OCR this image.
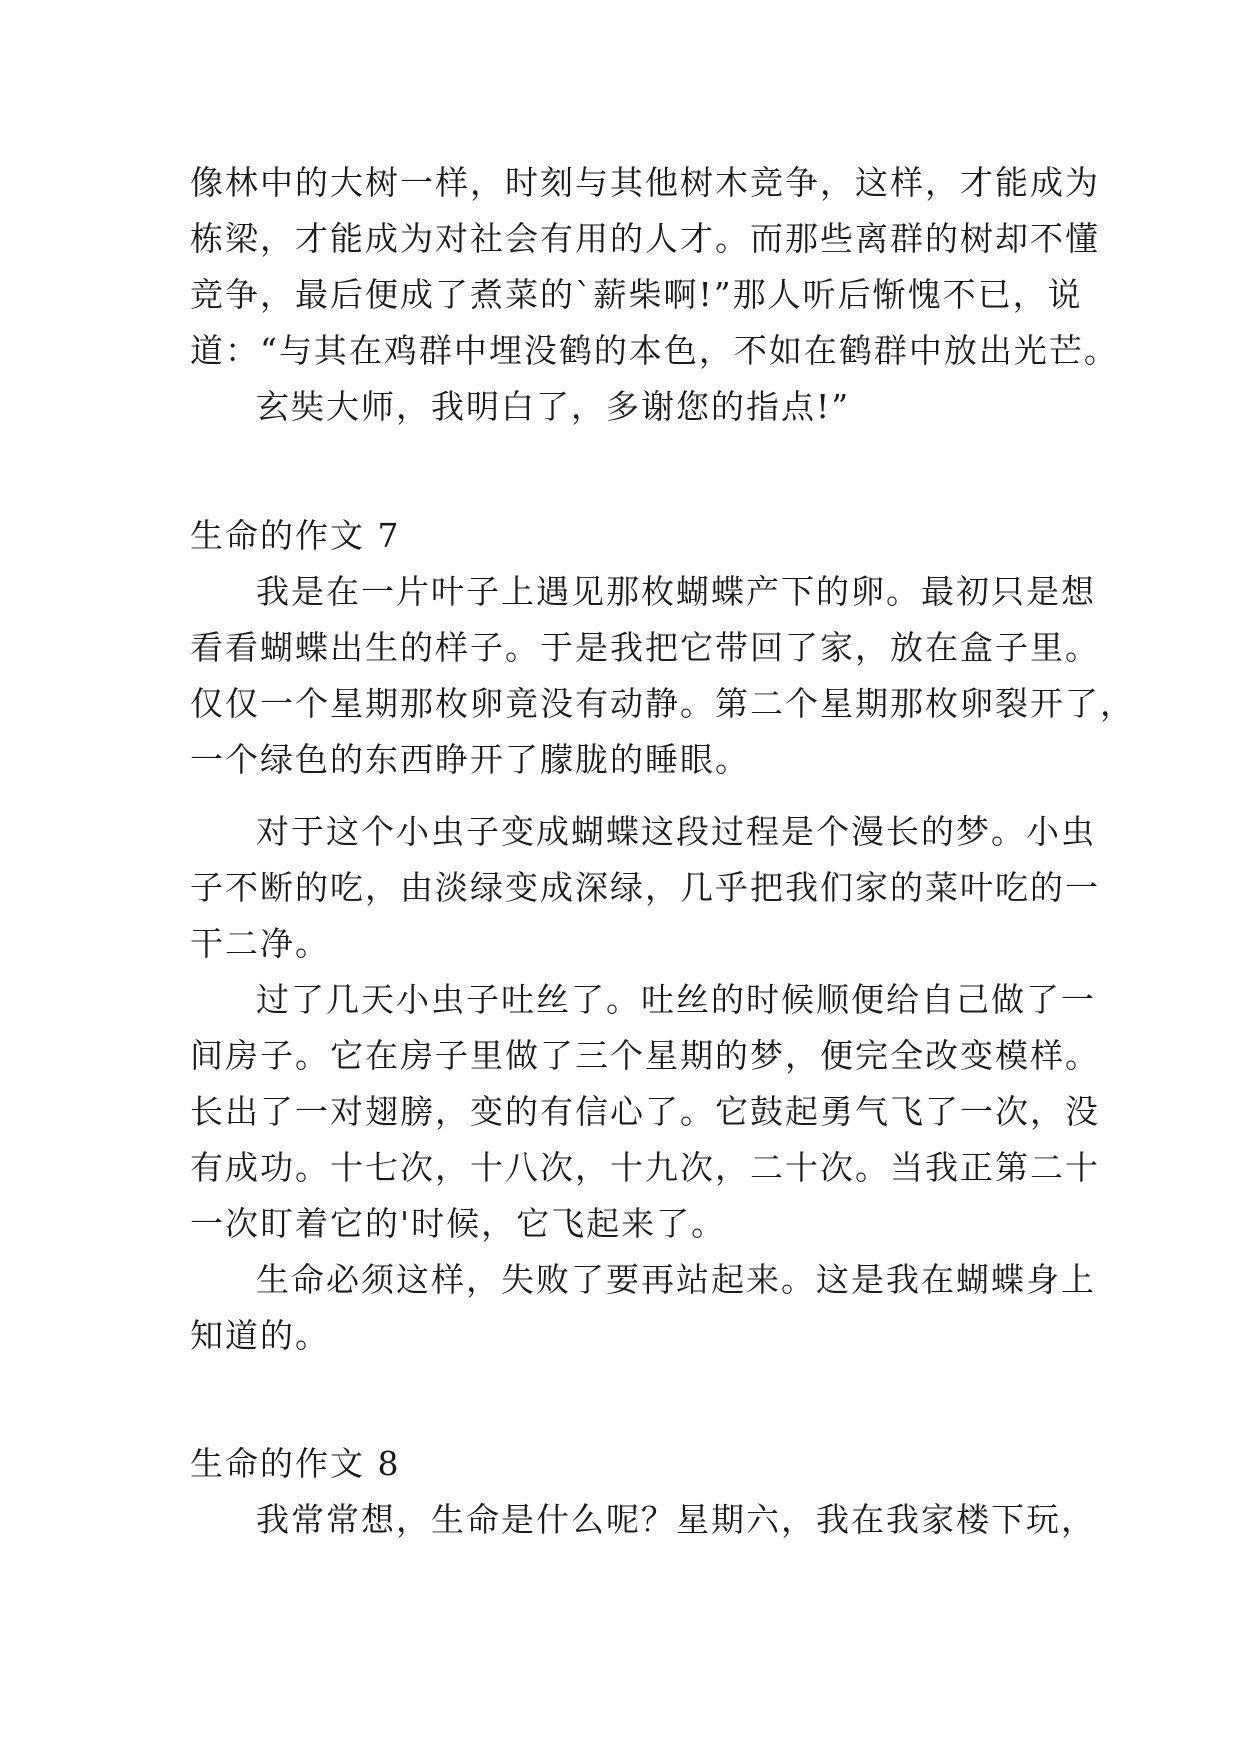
像林中的大树一样，时刻与其他树木竞争，这样，才能成为
栋梁，才能成为对社会有用的人才。而那些离群的树却不懂
竞争，最后便成了煮菜的`薪柴啊!”那人听后惭愧不已，说
道：“与其在鸡群中埋没鹤的本色，不如在鹤群中放出光芒。
玄奘大师，我明白了，多谢您的指点!”
生命的作文 7
我是在一片叶子上遇见那枚蝴蝶产下的卵。最初只是想
看看蝴蝶出生的样子。于是我把它带回了家，放在盒子里。
仅仅一个星期那枚卵竟没有动静。第二个星期那枚卵裂开了，
一个绿色的东西睁开了朦胧的睡眼。
对于这个小虫子变成蝴蝶这段过程是个漫长的梦。小虫
子不断的吃，由淡绿变成深绿，几乎把我们家的菜叶吃的一
干二净。
过了几天小虫子吐丝了。吐丝的时候顺便给自己做了一
间房子。它在房子里做了三个星期的梦，便完全改变模样。
长出了一对翅膀，变的有信心了。它鼓起勇气飞了一次，没
有成功。十七次，十八次，十九次，二十次。当我正第二十
一次盯着它的'时候，它飞起来了。
生命必须这样，失败了要再站起来。这是我在蝴蝶身上
知道的。
生命的作文 8
我常常想，生命是什么呢？星期六，我在我家楼下玩，
